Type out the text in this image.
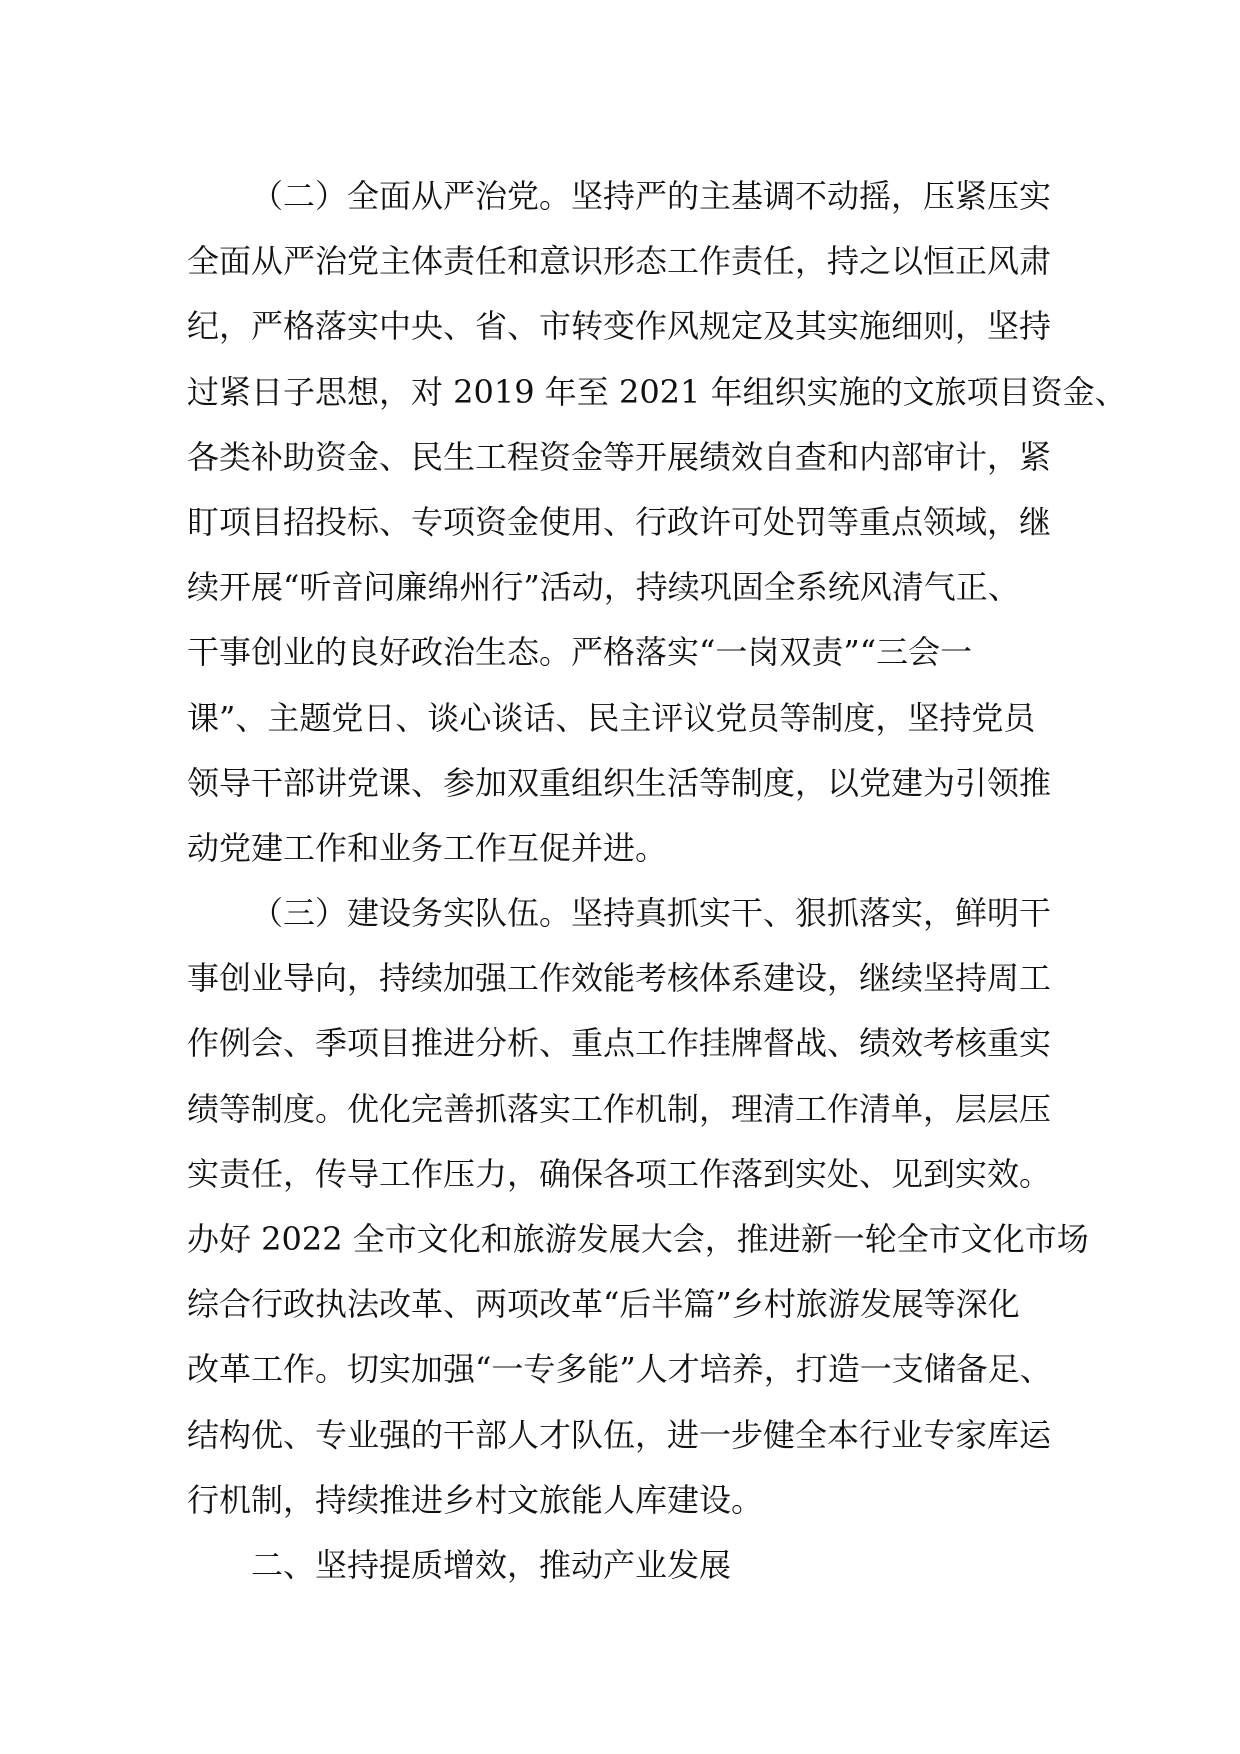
（二）全面从严治党。坚持严的主基调不动摇，压紧压实
全面从严治党主体责任和意识形态工作责任，持之以恒正风肃
纪，严格落实中央、省、市转变作风规定及其实施细则，坚持
过紧日子思想，对 2019 年至 2021 年组织实施的文旅项目资金、
各类补助资金、民生工程资金等开展绩效自查和内部审计，紧
盯项目招投标、专项资金使用、行政许可处罚等重点领域，继
续开展“听音问廉绵州行”活动，持续巩固全系统风清气正、
干事创业的良好政治生态。严格落实“一岗双责”“三会一
课”、主题党日、谈心谈话、民主评议党员等制度，坚持党员
领导干部讲党课、参加双重组织生活等制度，以党建为引领推
动党建工作和业务工作互促并进。
（三）建设务实队伍。坚持真抓实干、狠抓落实，鲜明干
事创业导向，持续加强工作效能考核体系建设，继续坚持周工
作例会、季项目推进分析、重点工作挂牌督战、绩效考核重实
绩等制度。优化完善抓落实工作机制，理清工作清单，层层压
实责任，传导工作压力，确保各项工作落到实处、见到实效。
办好 2022 全市文化和旅游发展大会，推进新一轮全市文化市场
综合行政执法改革、两项改革“后半篇”乡村旅游发展等深化
改革工作。切实加强“一专多能”人才培养，打造一支储备足、
结构优、专业强的干部人才队伍，进一步健全本行业专家库运
行机制，持续推进乡村文旅能人库建设。
二、坚持提质增效，推动产业发展
